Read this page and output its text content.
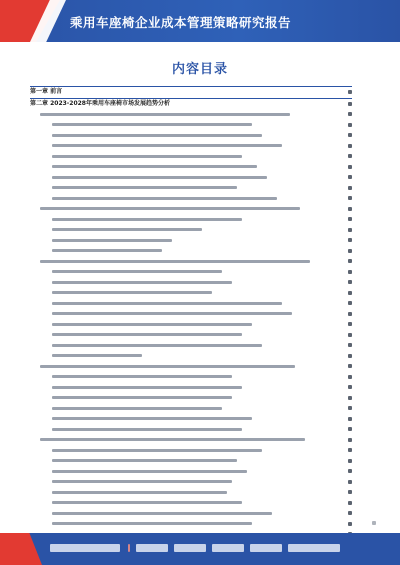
乘用车座椅企业成本管理策略研究报告
内容目录
第一章 前言
第二章 2023-2028年乘用车座椅市场发展趋势分析
